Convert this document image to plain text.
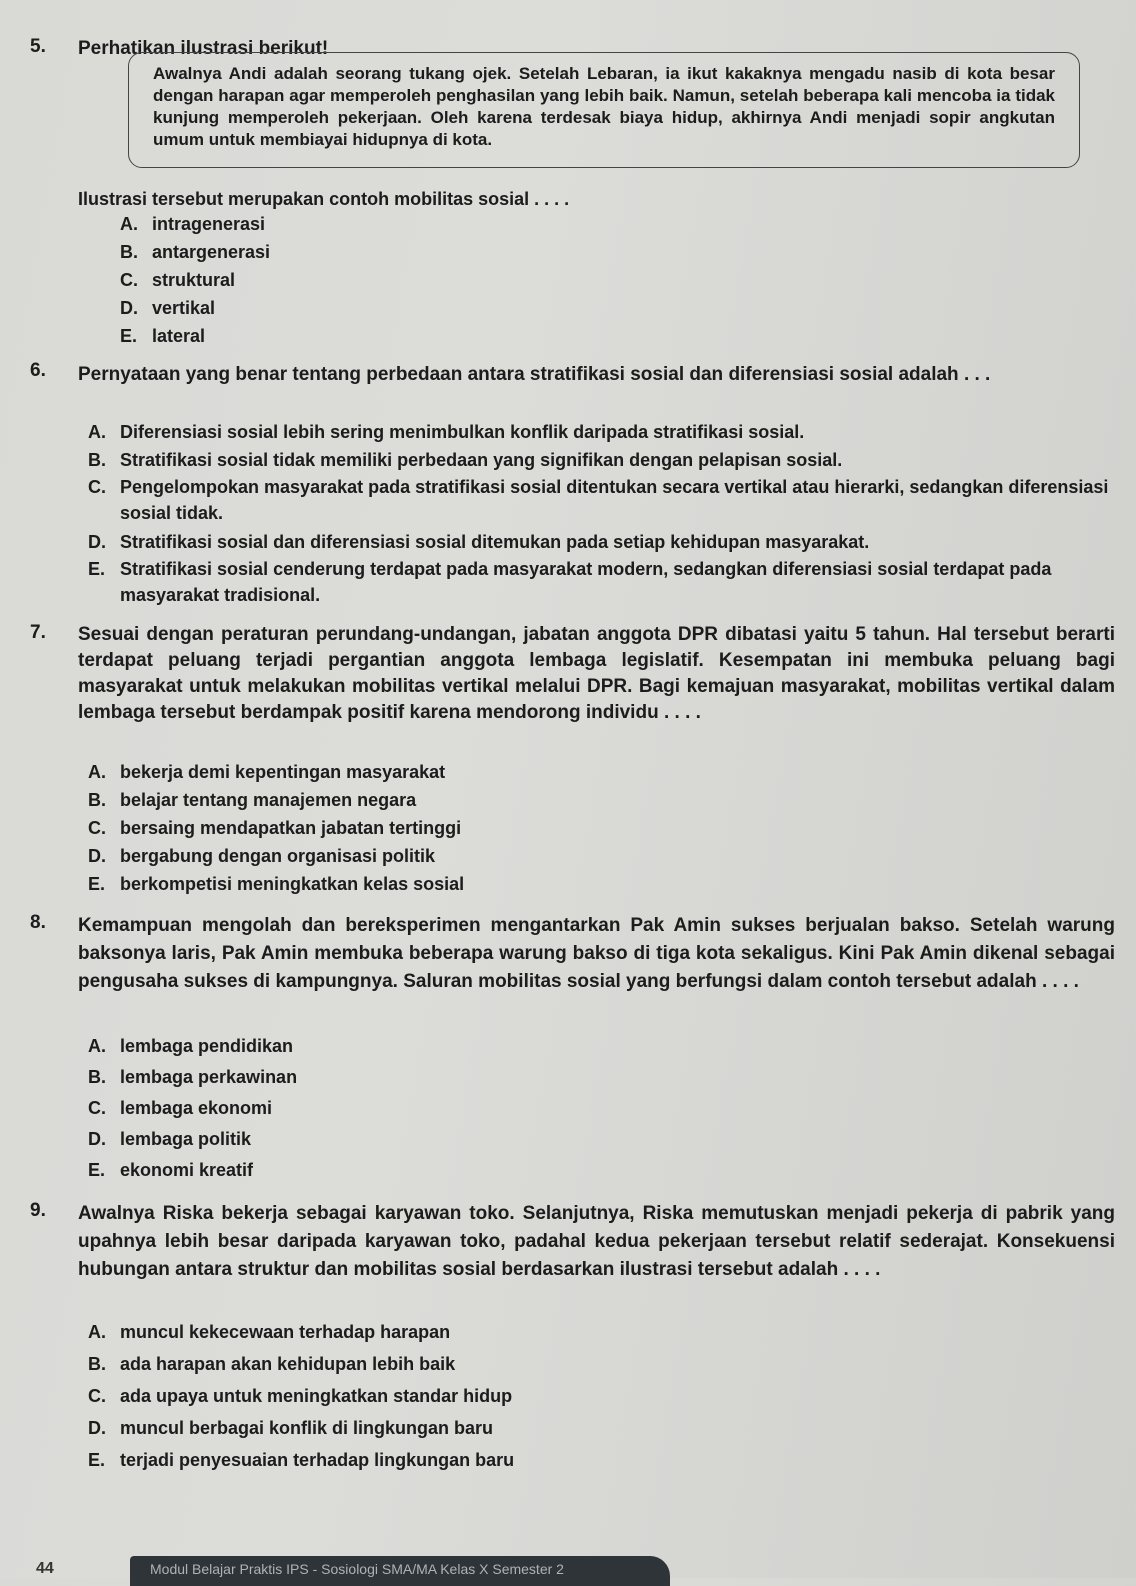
5. Perhatikan ilustrasi berikut!
Awalnya Andi adalah seorang tukang ojek. Setelah Lebaran, ia ikut kakaknya mengadu nasib di kota besar dengan harapan agar memperoleh penghasilan yang lebih baik. Namun, setelah beberapa kali mencoba ia tidak kunjung memperoleh pekerjaan. Oleh karena terdesak biaya hidup, akhirnya Andi menjadi sopir angkutan umum untuk membiayai hidupnya di kota.
Ilustrasi tersebut merupakan contoh mobilitas sosial . . . .
A. intragenerasi
B. antargenerasi
C. struktural
D. vertikal
E. lateral
6. Pernyataan yang benar tentang perbedaan antara stratifikasi sosial dan diferensiasi sosial adalah . . .
A. Diferensiasi sosial lebih sering menimbulkan konflik daripada stratifikasi sosial.
B. Stratifikasi sosial tidak memiliki perbedaan yang signifikan dengan pelapisan sosial.
C. Pengelompokan masyarakat pada stratifikasi sosial ditentukan secara vertikal atau hierarki, sedangkan diferensiasi sosial tidak.
D. Stratifikasi sosial dan diferensiasi sosial ditemukan pada setiap kehidupan masyarakat.
E. Stratifikasi sosial cenderung terdapat pada masyarakat modern, sedangkan diferensiasi sosial terdapat pada masyarakat tradisional.
7. Sesuai dengan peraturan perundang-undangan, jabatan anggota DPR dibatasi yaitu 5 tahun. Hal tersebut berarti terdapat peluang terjadi pergantian anggota lembaga legislatif. Kesempatan ini membuka peluang bagi masyarakat untuk melakukan mobilitas vertikal melalui DPR. Bagi kemajuan masyarakat, mobilitas vertikal dalam lembaga tersebut berdampak positif karena mendorong individu . . . .
A. bekerja demi kepentingan masyarakat
B. belajar tentang manajemen negara
C. bersaing mendapatkan jabatan tertinggi
D. bergabung dengan organisasi politik
E. berkompetisi meningkatkan kelas sosial
8. Kemampuan mengolah dan bereksperimen mengantarkan Pak Amin sukses berjualan bakso. Setelah warung baksonya laris, Pak Amin membuka beberapa warung bakso di tiga kota sekaligus. Kini Pak Amin dikenal sebagai pengusaha sukses di kampungnya. Saluran mobilitas sosial yang berfungsi dalam contoh tersebut adalah . . . .
A. lembaga pendidikan
B. lembaga perkawinan
C. lembaga ekonomi
D. lembaga politik
E. ekonomi kreatif
9. Awalnya Riska bekerja sebagai karyawan toko. Selanjutnya, Riska memutuskan menjadi pekerja di pabrik yang upahnya lebih besar daripada karyawan toko, padahal kedua pekerjaan tersebut relatif sederajat. Konsekuensi hubungan antara struktur dan mobilitas sosial berdasarkan ilustrasi tersebut adalah . . . .
A. muncul kekecewaan terhadap harapan
B. ada harapan akan kehidupan lebih baik
C. ada upaya untuk meningkatkan standar hidup
D. muncul berbagai konflik di lingkungan baru
E. terjadi penyesuaian terhadap lingkungan baru
44	Modul Belajar Praktis IPS - Sosiologi SMA/MA Kelas X Semester 2
